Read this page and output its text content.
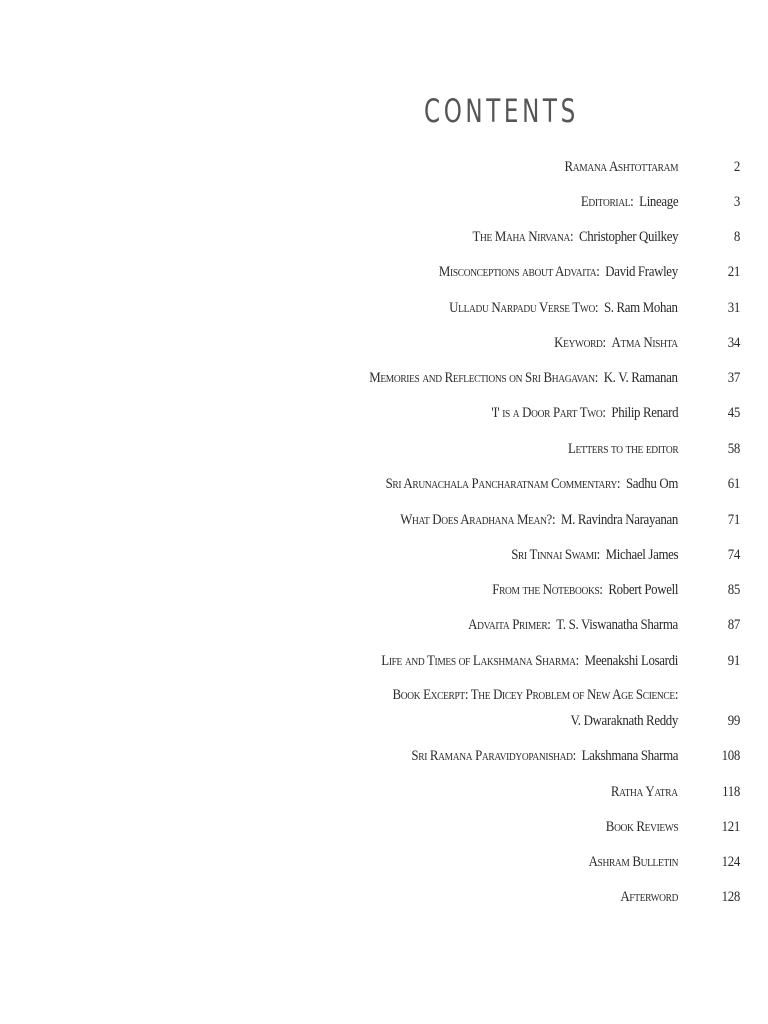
CONTENTS
Ramana Ashtottaram	2
Editorial: Lineage	3
The Maha Nirvana: Christopher Quilkey	8
Misconceptions about Advaita: David Frawley	21
Ulladu Narpadu Verse Two: S. Ram Mohan	31
Keyword: Atma Nishta	34
Memories and Reflections on Sri Bhagavan: K. V. Ramanan	37
'I' is a Door Part Two: Philip Renard	45
Letters to the editor	58
Sri Arunachala Pancharatnam Commentary: Sadhu Om	61
What Does Aradhana Mean?: M. Ravindra Narayanan	71
Sri Tinnai Swami: Michael James	74
From the Notebooks: Robert Powell	85
Advaita Primer: T. S. Viswanatha Sharma	87
Life and Times of Lakshmana Sharma: Meenakshi Losardi	91
Book Excerpt: The Dicey Problem of New Age Science:
V. Dwaraknath Reddy	99
Sri Ramana Paravidyopanishad: Lakshmana Sharma	108
Ratha Yatra	118
Book Reviews	121
Ashram Bulletin	124
Afterword	128
